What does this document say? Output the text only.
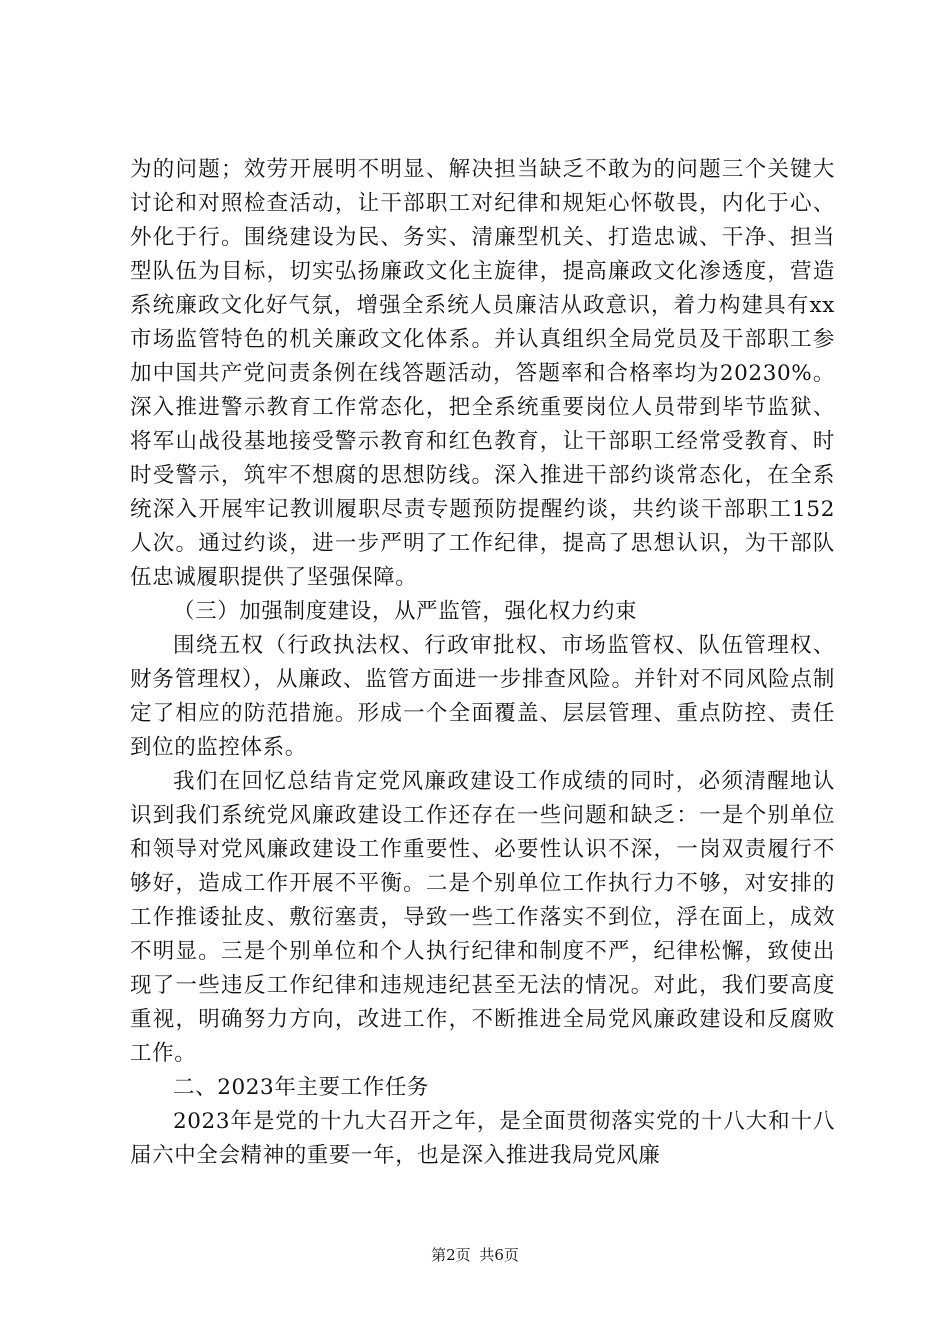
为的问题；效劳开展明不明显、解决担当缺乏不敢为的问题三个关键大讨论和对照检查活动，让干部职工对纪律和规矩心怀敬畏，内化于心、外化于行。围绕建设为民、务实、清廉型机关、打造忠诚、干净、担当型队伍为目标，切实弘扬廉政文化主旋律，提高廉政文化渗透度，营造系统廉政文化好气氛，增强全系统人员廉洁从政意识，着力构建具有xx市场监管特色的机关廉政文化体系。并认真组织全局党员及干部职工参加中国共产党问责条例在线答题活动，答题率和合格率均为20230%。深入推进警示教育工作常态化，把全系统重要岗位人员带到毕节监狱、将军山战役基地接受警示教育和红色教育，让干部职工经常受教育、时时受警示，筑牢不想腐的思想防线。深入推进干部约谈常态化，在全系统深入开展牢记教训履职尽责专题预防提醒约谈，共约谈干部职工152人次。通过约谈，进一步严明了工作纪律，提高了思想认识，为干部队伍忠诚履职提供了坚强保障。

（三）加强制度建设，从严监管，强化权力约束

围绕五权（行政执法权、行政审批权、市场监管权、队伍管理权、财务管理权），从廉政、监管方面进一步排查风险。并针对不同风险点制定了相应的防范措施。形成一个全面覆盖、层层管理、重点防控、责任到位的监控体系。

我们在回忆总结肯定党风廉政建设工作成绩的同时，必须清醒地认识到我们系统党风廉政建设工作还存在一些问题和缺乏：一是个别单位和领导对党风廉政建设工作重要性、必要性认识不深，一岗双责履行不够好，造成工作开展不平衡。二是个别单位工作执行力不够，对安排的工作推诿扯皮、敷衍塞责，导致一些工作落实不到位，浮在面上，成效不明显。三是个别单位和个人执行纪律和制度不严，纪律松懈，致使出现了一些违反工作纪律和违规违纪甚至无法的情况。对此，我们要高度重视，明确努力方向，改进工作，不断推进全局党风廉政建设和反腐败工作。

二、2023年主要工作任务

2023年是党的十九大召开之年，是全面贯彻落实党的十八大和十八届六中全会精神的重要一年，也是深入推进我局党风廉

第2页 共6页
